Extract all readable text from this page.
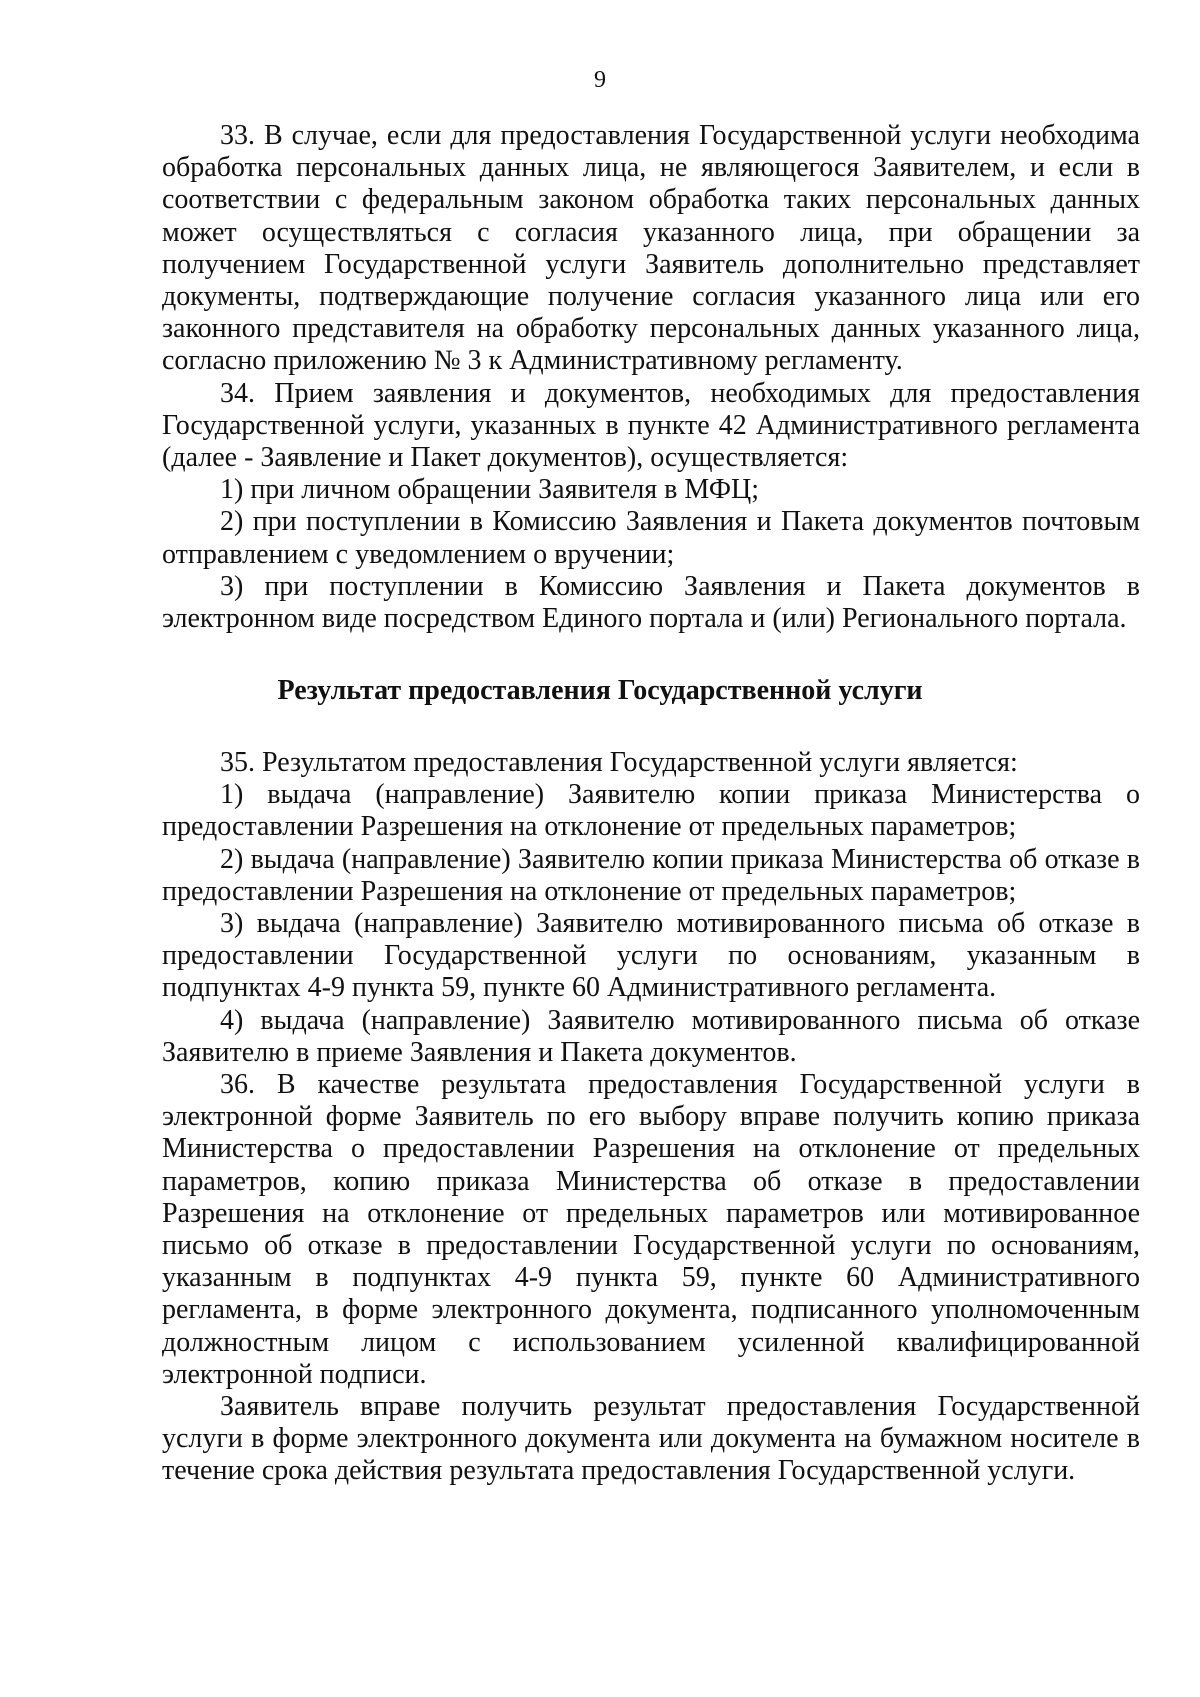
9

33. В случае, если для предоставления Государственной услуги необходима обработка персональных данных лица, не являющегося Заявителем, и если в соответствии с федеральным законом обработка таких персональных данных может осуществляться с согласия указанного лица, при обращении за получением Государственной услуги Заявитель дополнительно представляет документы, подтверждающие получение согласия указанного лица или его законного представителя на обработку персональных данных указанного лица, согласно приложению № 3 к Административному регламенту.

34. Прием заявления и документов, необходимых для предоставления Государственной услуги, указанных в пункте 42 Административного регламента (далее - Заявление и Пакет документов), осуществляется:

1) при личном обращении Заявителя в МФЦ;

2) при поступлении в Комиссию Заявления и Пакета документов почтовым отправлением с уведомлением о вручении;

3) при поступлении в Комиссию Заявления и Пакета документов в электронном виде посредством Единого портала и (или) Регионального портала.

Результат предоставления Государственной услуги

35. Результатом предоставления Государственной услуги является:

1) выдача (направление) Заявителю копии приказа Министерства о предоставлении Разрешения на отклонение от предельных параметров;

2) выдача (направление) Заявителю копии приказа Министерства об отказе в предоставлении Разрешения на отклонение от предельных параметров;

3) выдача (направление) Заявителю мотивированного письма об отказе в предоставлении Государственной услуги по основаниям, указанным в подпунктах 4-9 пункта 59, пункте 60 Административного регламента.

4) выдача (направление) Заявителю мотивированного письма об отказе Заявителю в приеме Заявления и Пакета документов.

36. В качестве результата предоставления Государственной услуги в электронной форме Заявитель по его выбору вправе получить копию приказа Министерства о предоставлении Разрешения на отклонение от предельных параметров, копию приказа Министерства об отказе в предоставлении Разрешения на отклонение от предельных параметров или мотивированное письмо об отказе в предоставлении Государственной услуги по основаниям, указанным в подпунктах 4-9 пункта 59, пункте 60 Административного регламента, в форме электронного документа, подписанного уполномоченным должностным лицом с использованием усиленной квалифицированной электронной подписи.

Заявитель вправе получить результат предоставления Государственной услуги в форме электронного документа или документа на бумажном носителе в течение срока действия результата предоставления Государственной услуги.
